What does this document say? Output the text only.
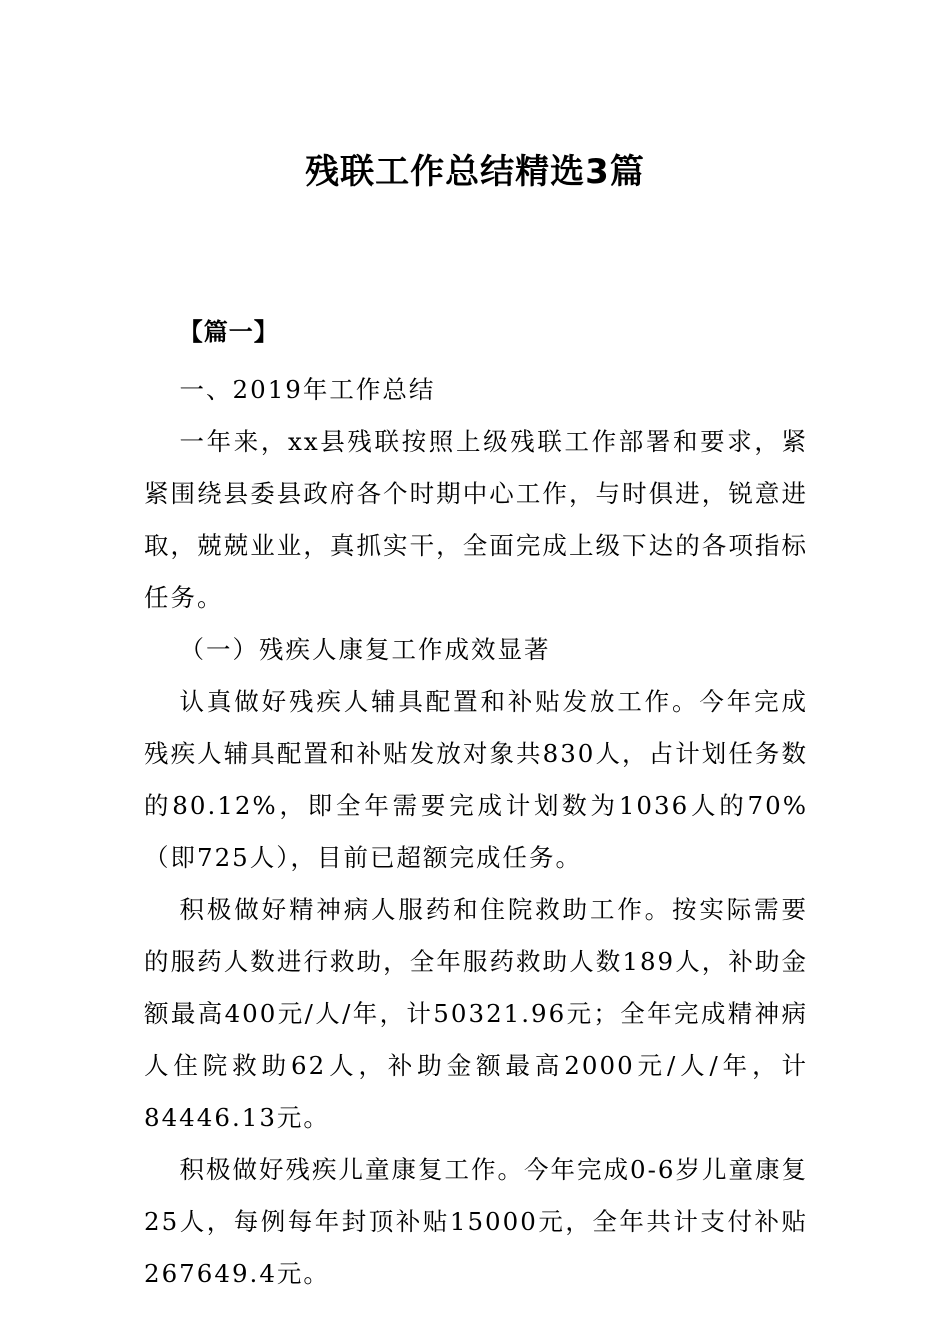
残联工作总结精选3篇

【篇一】

一、2019年工作总结

一年来，xx县残联按照上级残联工作部署和要求，紧紧围绕县委县政府各个时期中心工作，与时俱进，锐意进取，兢兢业业，真抓实干，全面完成上级下达的各项指标任务。

（一）残疾人康复工作成效显著

认真做好残疾人辅具配置和补贴发放工作。今年完成残疾人辅具配置和补贴发放对象共830人，占计划任务数的80.12%，即全年需要完成计划数为1036人的70%（即725人），目前已超额完成任务。

积极做好精神病人服药和住院救助工作。按实际需要的服药人数进行救助，全年服药救助人数189人，补助金额最高400元/人/年，计50321.96元；全年完成精神病人住院救助62人，补助金额最高2000元/人/年，计84446.13元。

积极做好残疾儿童康复工作。今年完成0-6岁儿童康复25人，每例每年封顶补贴15000元，全年共计支付补贴267649.4元。
